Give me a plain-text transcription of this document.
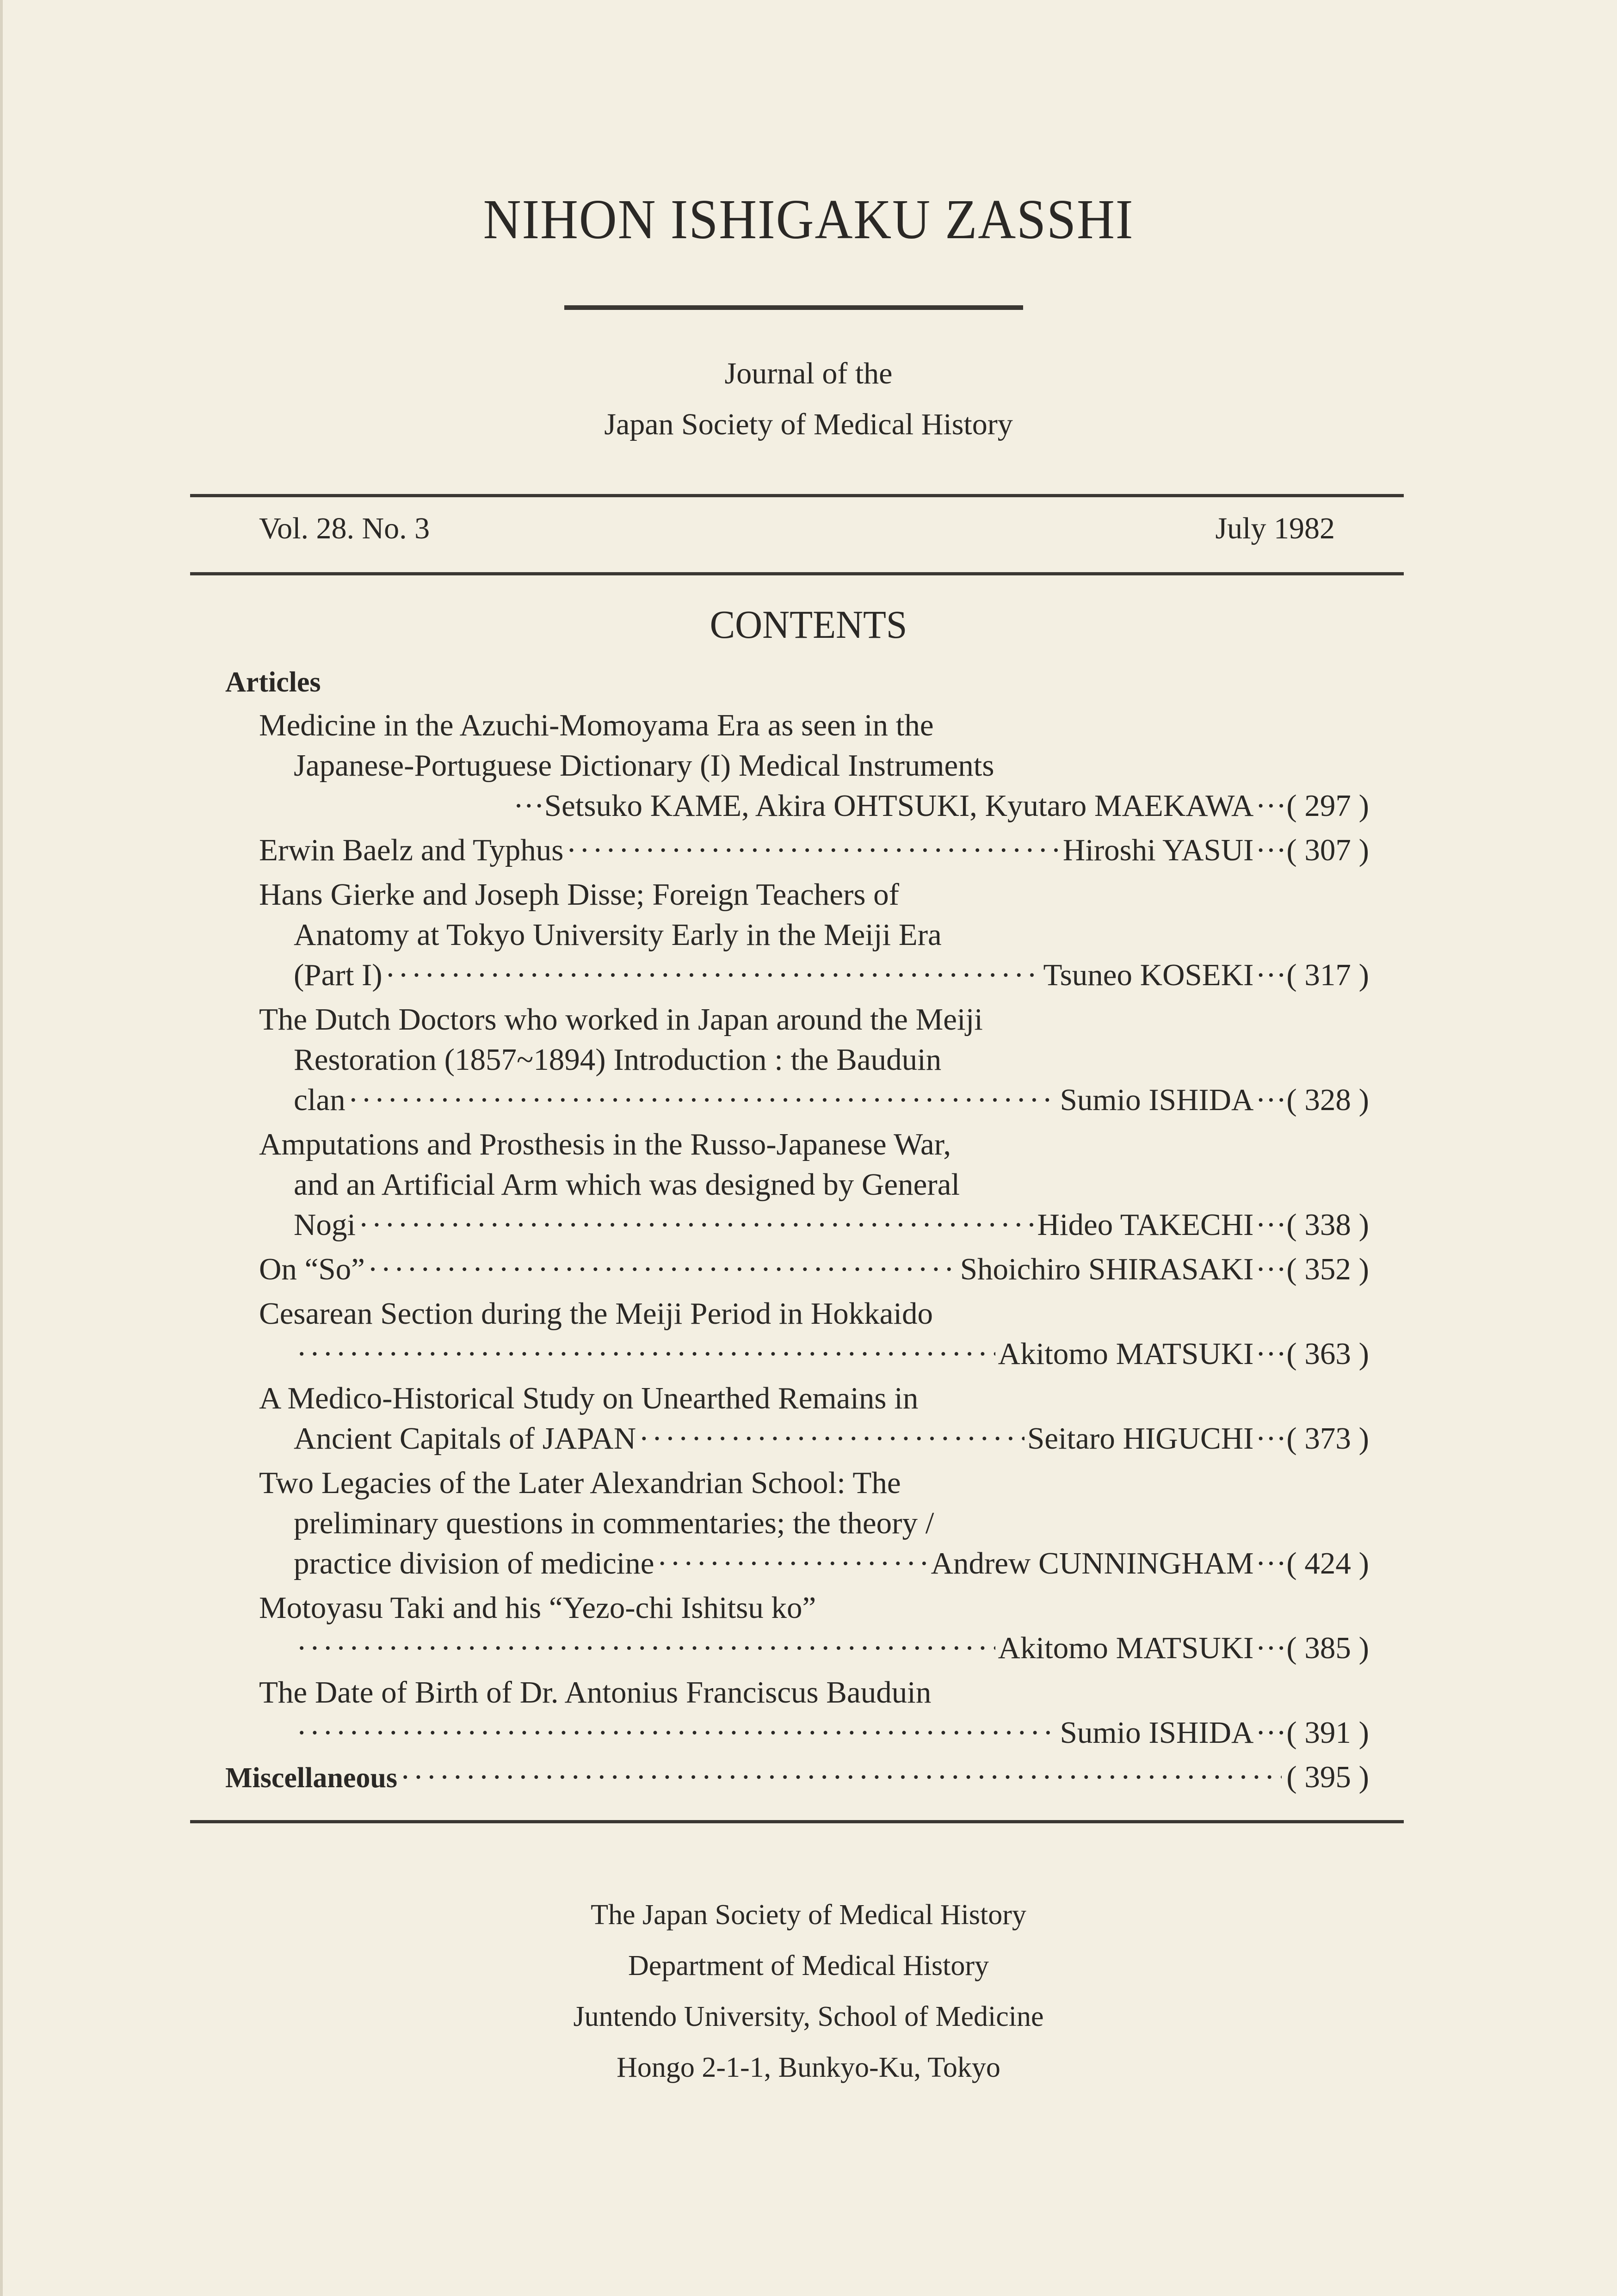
NIHON ISHIGAKU ZASSHI
Journal of the
Japan Society of Medical History
Vol. 28. No. 3	July 1982
CONTENTS
Articles
Medicine in the Azuchi-Momoyama Era as seen in the
Japanese-Portuguese Dictionary (I) Medical Instruments
···Setsuko KAME, Akira OHTSUKI, Kyutaro MAEKAWA ···( 297 )
Erwin Baelz and Typhus ·····	Hiroshi YASUI ···( 307 )
Hans Gierke and Joseph Disse; Foreign Teachers of
Anatomy at Tokyo University Early in the Meiji Era
(Part I) ·····	Tsuneo KOSEKI ···( 317 )
The Dutch Doctors who worked in Japan around the Meiji
Restoration (1857~1894) Introduction : the Bauduin
clan ·····	Sumio ISHIDA ···( 328 )
Amputations and Prosthesis in the Russo-Japanese War,
and an Artificial Arm which was designed by General
Nogi ·····	Hideo TAKECHI ···( 338 )
On “So” ·····	Shoichiro SHIRASAKI ···( 352 )
Cesarean Section during the Meiji Period in Hokkaido
·····
Akitomo MATSUKI ···( 363 )
A Medico-Historical Study on Unearthed Remains in
Ancient Capitals of JAPAN ·····	Seitaro HIGUCHI ···( 373 )
Two Legacies of the Later Alexandrian School: The
preliminary questions in commentaries; the theory /
practice division of medicine ·····	Andrew CUNNINGHAM ···( 424 )
Motoyasu Taki and his “Yezo-chi Ishitsu ko”
·····
Akitomo MATSUKI ···( 385 )
The Date of Birth of Dr. Antonius Franciscus Bauduin
·····
Sumio ISHIDA ···( 391 )
Miscellaneous ·····	( 395 )
The Japan Society of Medical History
Department of Medical History
Juntendo University, School of Medicine
Hongo 2-1-1, Bunkyo-Ku, Tokyo
